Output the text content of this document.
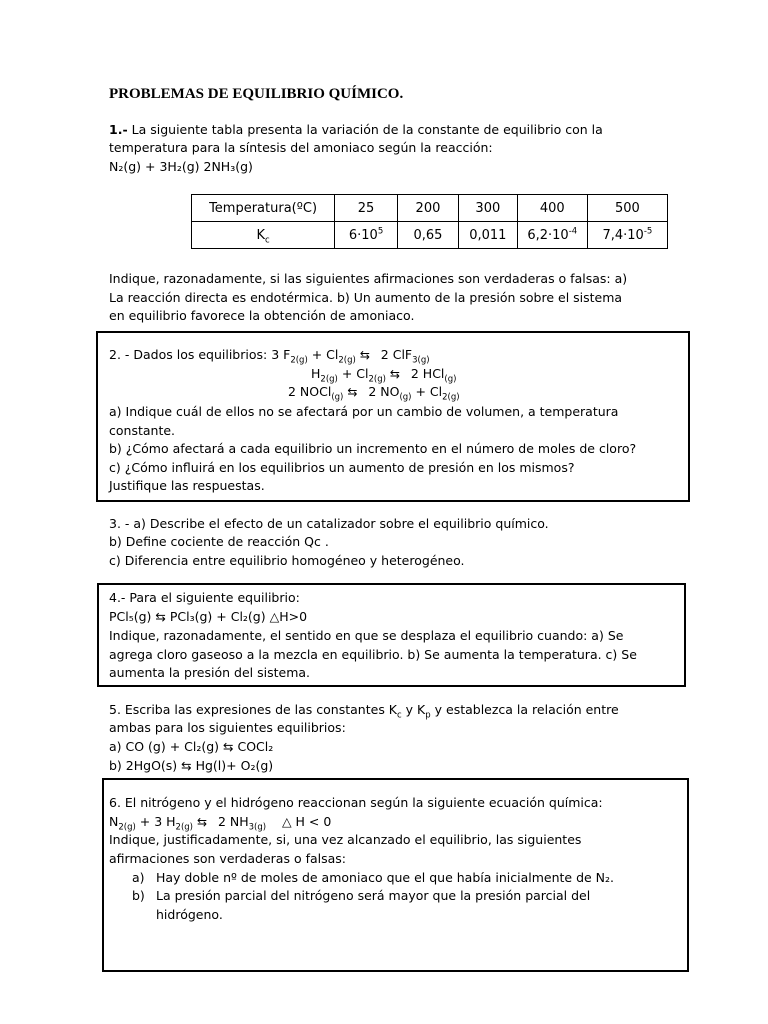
PROBLEMAS DE EQUILIBRIO QUÍMICO.
1.- La siguiente tabla presenta la variación de la constante de equilibrio con la
temperatura para la síntesis del amoniaco según la reacción:
N₂(g) + 3H₂(g) 2NH₃(g)
Temperatura(ºC)	25	200	300	400	500
$K_c$	$6\cdot 10^5$	0,65	0,011	$6,2\cdot 10^{-4}$	$7,4\cdot 10^{-5}$
Indique, razonadamente, si las siguientes afirmaciones son verdaderas o falsas: a)
La reacción directa es endotérmica. b) Un aumento de la presión sobre el sistema
en equilibrio favorece la obtención de amoniaco.
2. - Dados los equilibrios: 3 $F_{2(g)} + Cl_{2(g)}$ ⇆ 2 ClF$_{3(g)}$
$H_{2(g)} + Cl_{2(g)}$ ⇆   2 HCl$_{(g)}$
2 NOCl$_{(g)}$ ⇆   2 $NO_{(g)} + Cl_{2(g)}$
a) Indique cuál de ellos no se afectará por un cambio de volumen, a temperatura
constante.
b) ¿Cómo afectará a cada equilibrio un incremento en el número de moles de cloro?
c) ¿Cómo influirá en los equilibrios un aumento de presión en los mismos?
Justifique las respuestas.
3. - a) Describe el efecto de un catalizador sobre el equilibrio químico.
b) Define cociente de reacción Qc .
c) Diferencia entre equilibrio homogéneo y heterogéneo.
4.- Para el siguiente equilibrio:
PCl₅(g) ⇆ PCl₃(g) + Cl₂(g) △H>0
Indique, razonadamente, el sentido en que se desplaza el equilibrio cuando: a) Se
agrega cloro gaseoso a la mezcla en equilibrio. b) Se aumenta la temperatura. c) Se
aumenta la presión del sistema.
5. Escriba las expresiones de las constantes $K_c$ y $K_p$ y establezca la relación entre
ambas para los siguientes equilibrios:
a) CO (g) + Cl₂(g) ⇆ COCl₂
b) 2HgO(s) ⇆ Hg(l)+ O₂(g)
6. El nitrógeno y el hidrógeno reaccionan según la siguiente ecuación química:
$N_{2(g)} + 3$ $H_{2(g)}$ ⇆   2 $NH_{3(g)}$    △ H < 0
Indique, justificadamente, si, una vez alcanzado el equilibrio, las siguientes
afirmaciones son verdaderas o falsas:
a) Hay doble nº de moles de amoniaco que el que había inicialmente de N₂.
b) La presión parcial del nitrógeno será mayor que la presión parcial del
hidrógeno.
